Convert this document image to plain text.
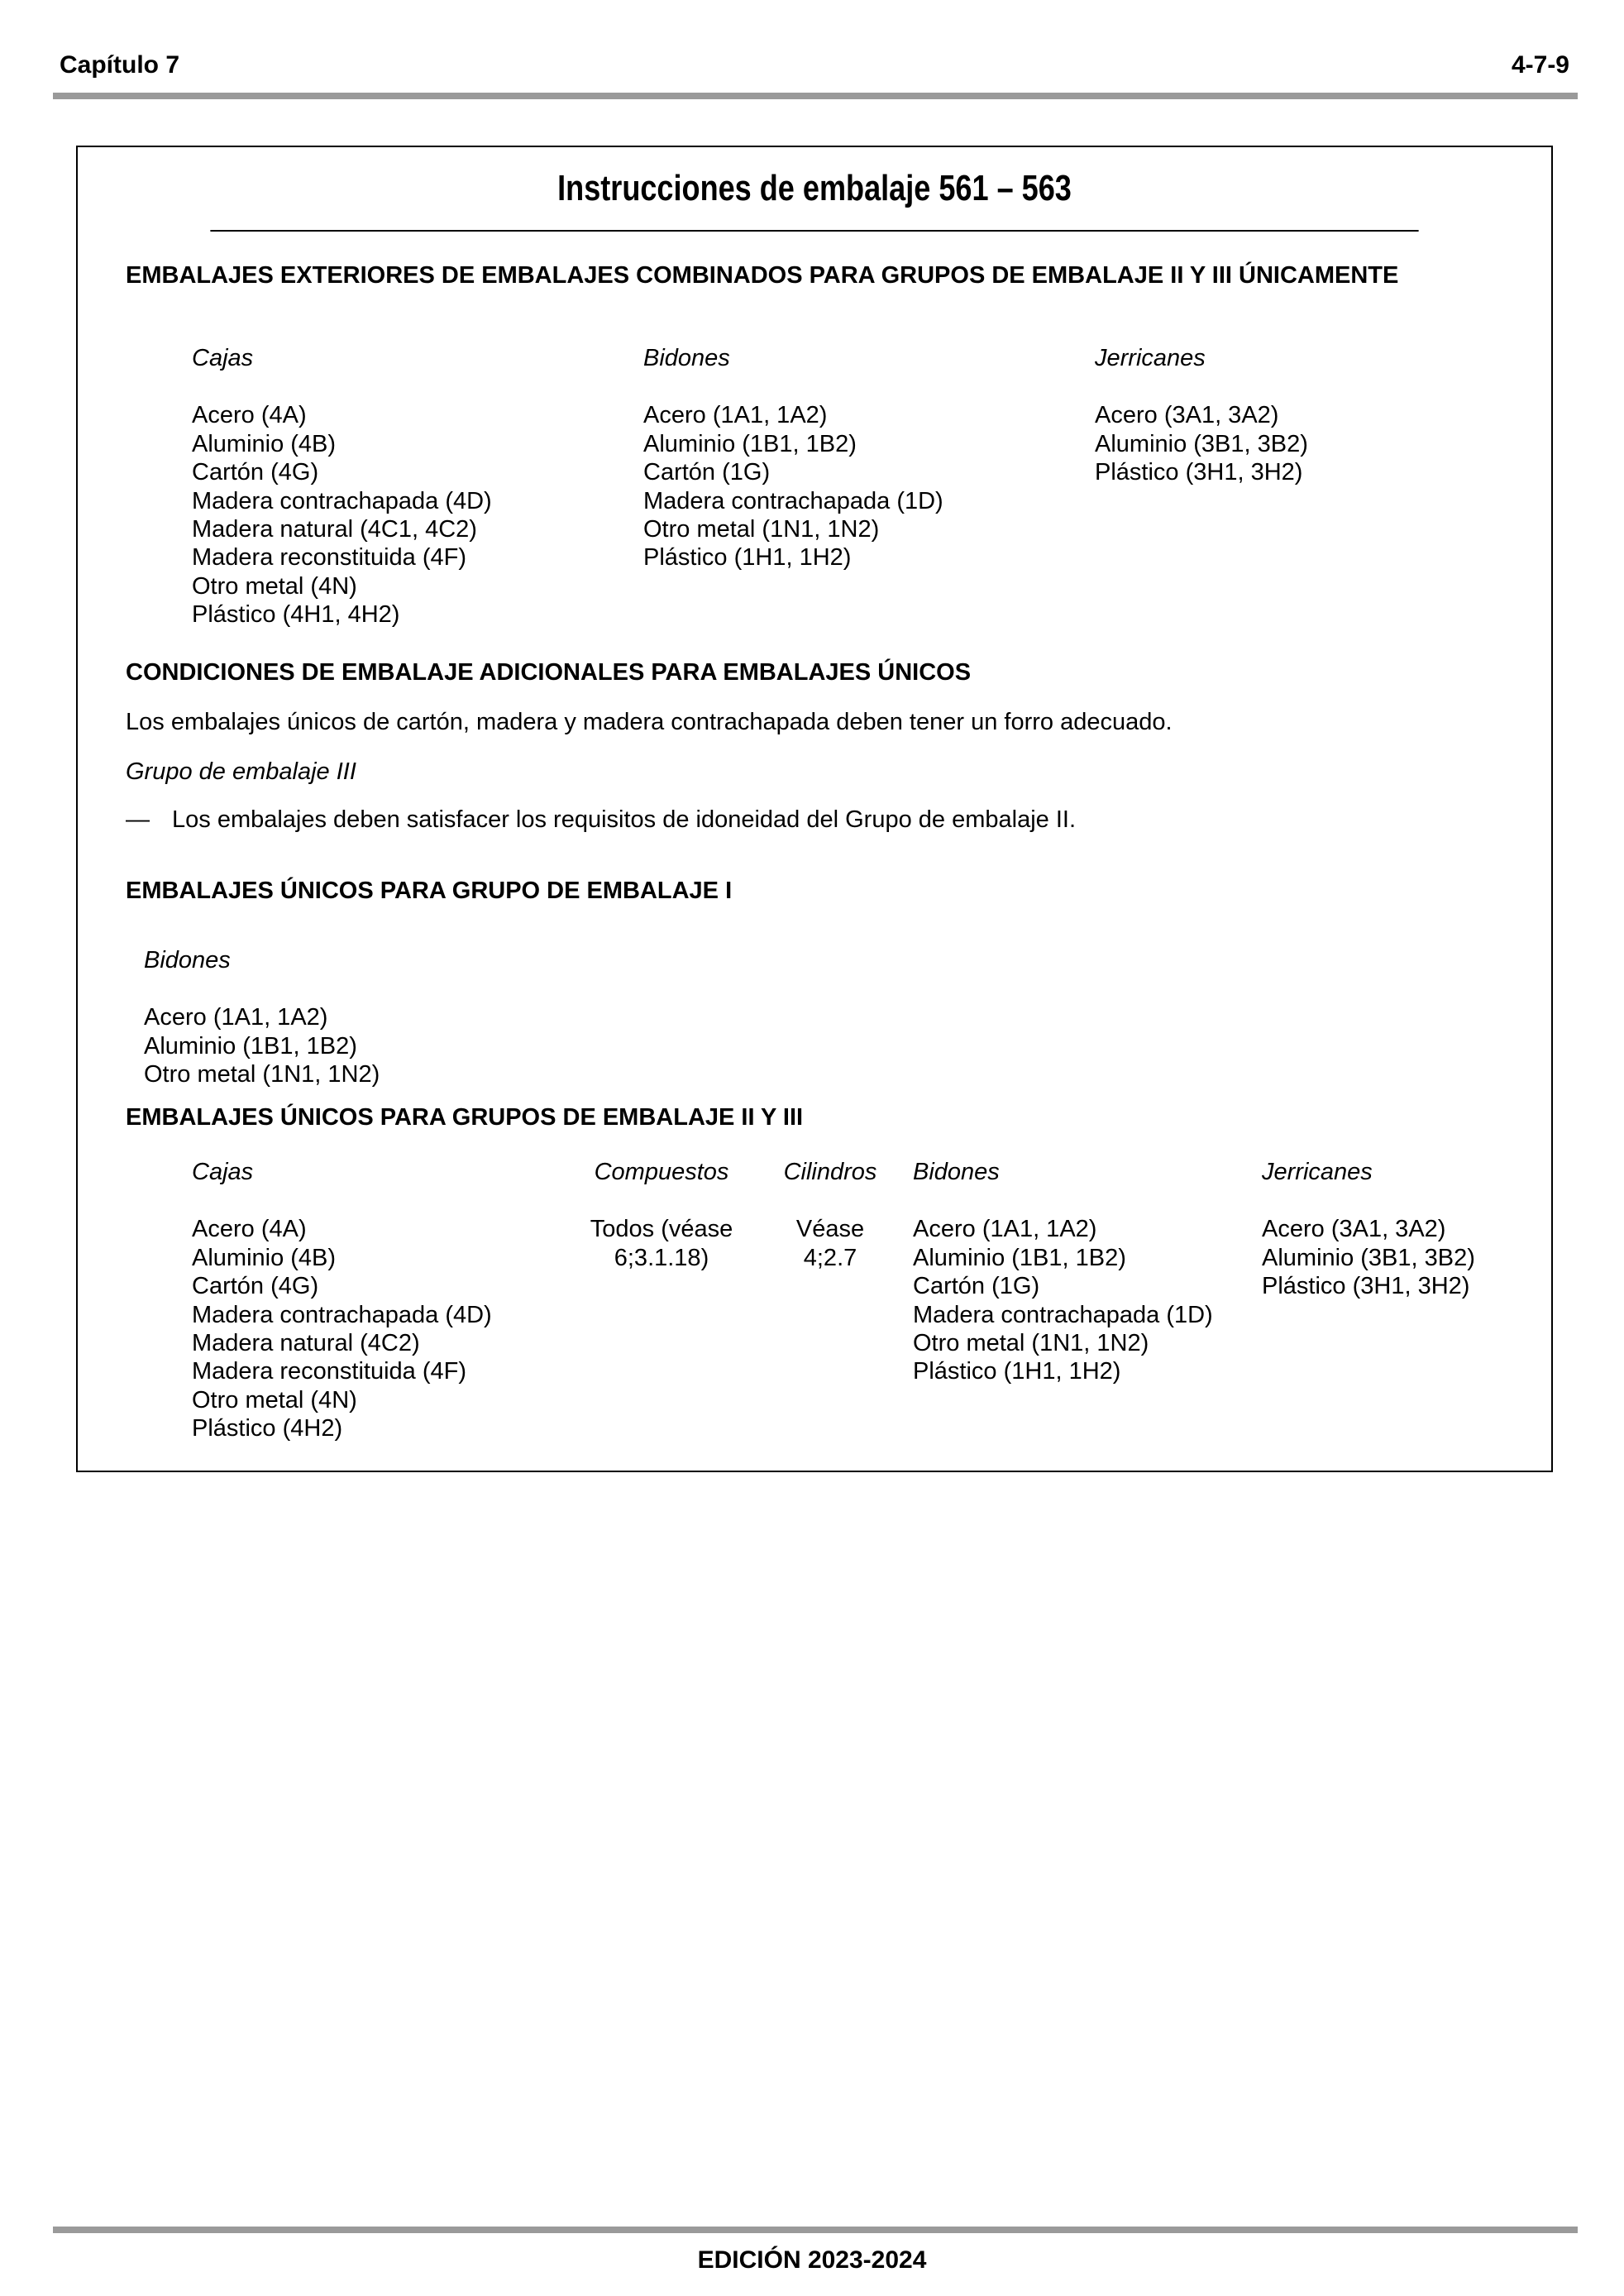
Capítulo 7	4-7-9
Instrucciones de embalaje 561 – 563
EMBALAJES EXTERIORES DE EMBALAJES COMBINADOS PARA GRUPOS DE EMBALAJE II Y III ÚNICAMENTE
Cajas
Acero (4A)
Aluminio (4B)
Cartón (4G)
Madera contrachapada (4D)
Madera natural (4C1, 4C2)
Madera reconstituida (4F)
Otro metal (4N)
Plástico (4H1, 4H2)
Bidones
Acero (1A1, 1A2)
Aluminio (1B1, 1B2)
Cartón (1G)
Madera contrachapada (1D)
Otro metal (1N1, 1N2)
Plástico (1H1, 1H2)
Jerricanes
Acero (3A1, 3A2)
Aluminio (3B1, 3B2)
Plástico (3H1, 3H2)
CONDICIONES DE EMBALAJE ADICIONALES PARA EMBALAJES ÚNICOS
Los embalajes únicos de cartón, madera y madera contrachapada deben tener un forro adecuado.
Grupo de embalaje III
— Los embalajes deben satisfacer los requisitos de idoneidad del Grupo de embalaje II.
EMBALAJES ÚNICOS PARA GRUPO DE EMBALAJE I
Bidones
Acero (1A1, 1A2)
Aluminio (1B1, 1B2)
Otro metal (1N1, 1N2)
EMBALAJES ÚNICOS PARA GRUPOS DE EMBALAJE II Y III
Cajas
Acero (4A)
Aluminio (4B)
Cartón (4G)
Madera contrachapada (4D)
Madera natural (4C2)
Madera reconstituida (4F)
Otro metal (4N)
Plástico (4H2)
Compuestos
Todos (véase
6;3.1.18)
Cilindros
Véase
4;2.7
Bidones
Acero (1A1, 1A2)
Aluminio (1B1, 1B2)
Cartón (1G)
Madera contrachapada (1D)
Otro metal (1N1, 1N2)
Plástico (1H1, 1H2)
Jerricanes
Acero (3A1, 3A2)
Aluminio (3B1, 3B2)
Plástico (3H1, 3H2)
EDICIÓN 2023-2024
